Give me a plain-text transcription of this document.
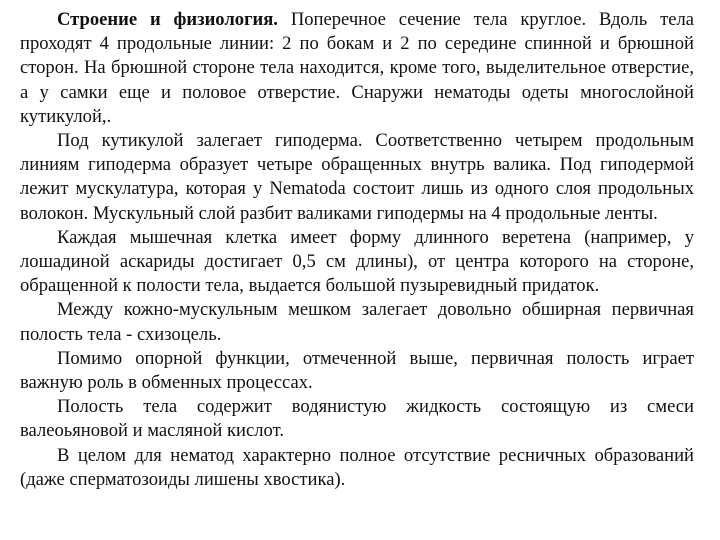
Строение и физиология. Поперечное сечение тела круглое. Вдоль тела проходят 4 продольные линии: 2 по бокам и 2 по середине спинной и брюшной сторон. На брюшной стороне тела находится, кроме того, выделительное отверстие, а у самки еще и половое отверстие. Снаружи нематоды одеты многослойной кутикулой,.

Под кутикулой залегает гиподерма. Соответственно четырем продольным линиям гиподерма образует четыре обращенных внутрь валика. Под гиподермой лежит мускулатура, которая у Nematoda состоит лишь из одного слоя продольных волокон. Мускульный слой разбит валиками гиподермы на 4 продольные ленты.

Каждая мышечная клетка имеет форму длинного веретена (например, у лошадиной аскариды достигает 0,5 см длины), от центра которого на стороне, обращенной к полости тела, выдается большой пузыревидный придаток.

Между кожно-мускульным мешком залегает довольно обширная первичная полость тела - схизоцель.

Помимо опорной функции, отмеченной выше, первичная полость играет важную роль в обменных процессах.

Полость тела содержит водянистую жидкость состоящую из смеси валеоьяновой и масляной кислот.

В целом для нематод характерно полное отсутствие ресничных образований (даже сперматозоиды лишены хвостика).
